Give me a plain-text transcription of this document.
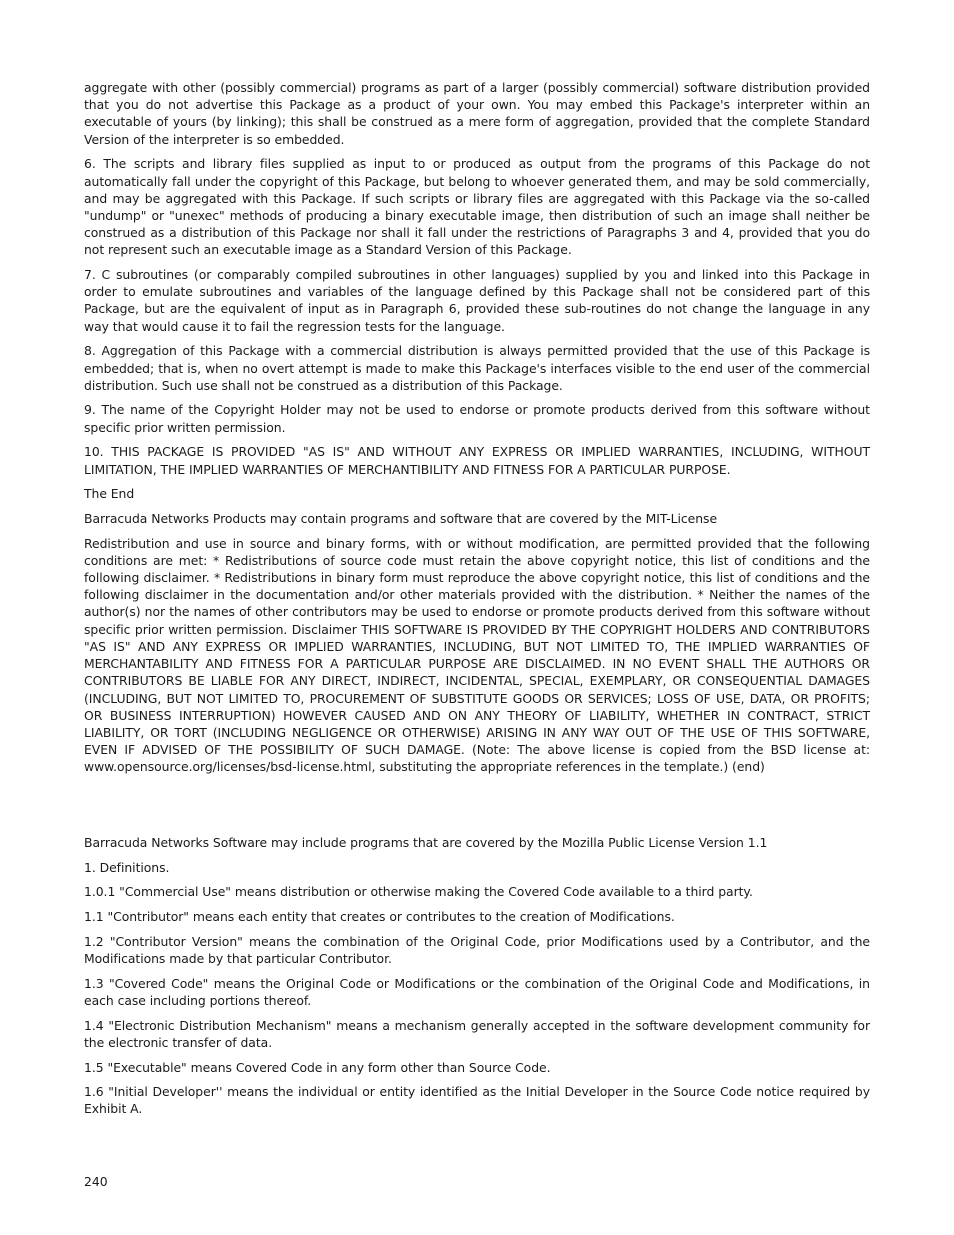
aggregate with other (possibly commercial) programs as part of a larger (possibly commercial) software distribution provided that you do not advertise this Package as a product of your own. You may embed this Package's interpreter within an executable of yours (by linking); this shall be construed as a mere form of aggregation, provided that the complete Standard Version of the interpreter is so embedded.

6. The scripts and library files supplied as input to or produced as output from the programs of this Package do not automatically fall under the copyright of this Package, but belong to whoever generated them, and may be sold commercially, and may be aggregated with this Package. If such scripts or library files are aggregated with this Package via the so-called "undump" or "unexec" methods of producing a binary executable image, then distribution of such an image shall neither be construed as a distribution of this Package nor shall it fall under the restrictions of Paragraphs 3 and 4, provided that you do not represent such an executable image as a Standard Version of this Package.

7. C subroutines (or comparably compiled subroutines in other languages) supplied by you and linked into this Package in order to emulate subroutines and variables of the language defined by this Package shall not be considered part of this Package, but are the equivalent of input as in Paragraph 6, provided these sub-routines do not change the language in any way that would cause it to fail the regression tests for the language.

8. Aggregation of this Package with a commercial distribution is always permitted provided that the use of this Package is embedded; that is, when no overt attempt is made to make this Package's interfaces visible to the end user of the commercial distribution. Such use shall not be construed as a distribution of this Package.

9. The name of the Copyright Holder may not be used to endorse or promote products derived from this software without specific prior written permission.

10. THIS PACKAGE IS PROVIDED "AS IS" AND WITHOUT ANY EXPRESS OR IMPLIED WARRANTIES, INCLUDING, WITHOUT LIMITATION, THE IMPLIED WARRANTIES OF MERCHANTIBILITY AND FITNESS FOR A PARTICULAR PURPOSE.

The End

Barracuda Networks Products may contain programs and software that are covered by the MIT-License

Redistribution and use in source and binary forms, with or without modification, are permitted provided that the following conditions are met: * Redistributions of source code must retain the above copyright notice, this list of conditions and the following disclaimer. * Redistributions in binary form must reproduce the above copyright notice, this list of conditions and the following disclaimer in the documentation and/or other materials provided with the distribution. * Neither the names of the author(s) nor the names of other contributors may be used to endorse or promote products derived from this software without specific prior written permission. Disclaimer THIS SOFTWARE IS PROVIDED BY THE COPYRIGHT HOLDERS AND CONTRIBUTORS "AS IS" AND ANY EXPRESS OR IMPLIED WARRANTIES, INCLUDING, BUT NOT LIMITED TO, THE IMPLIED WARRANTIES OF MERCHANTABILITY AND FITNESS FOR A PARTICULAR PURPOSE ARE DISCLAIMED. IN NO EVENT SHALL THE AUTHORS OR CONTRIBUTORS BE LIABLE FOR ANY DIRECT, INDIRECT, INCIDENTAL, SPECIAL, EXEMPLARY, OR CONSEQUENTIAL DAMAGES (INCLUDING, BUT NOT LIMITED TO, PROCUREMENT OF SUBSTITUTE GOODS OR SERVICES; LOSS OF USE, DATA, OR PROFITS; OR BUSINESS INTERRUPTION) HOWEVER CAUSED AND ON ANY THEORY OF LIABILITY, WHETHER IN CONTRACT, STRICT LIABILITY, OR TORT (INCLUDING NEGLIGENCE OR OTHERWISE) ARISING IN ANY WAY OUT OF THE USE OF THIS SOFTWARE, EVEN IF ADVISED OF THE POSSIBILITY OF SUCH DAMAGE. (Note: The above license is copied from the BSD license at: www.opensource.org/licenses/bsd-license.html, substituting the appropriate references in the template.) (end)

Barracuda Networks Software may include programs that are covered by the Mozilla Public License Version 1.1

1. Definitions.

1.0.1 "Commercial Use" means distribution or otherwise making the Covered Code available to a third party.

1.1 "Contributor" means each entity that creates or contributes to the creation of Modifications.

1.2 "Contributor Version" means the combination of the Original Code, prior Modifications used by a Contributor, and the Modifications made by that particular Contributor.

1.3 "Covered Code" means the Original Code or Modifications or the combination of the Original Code and Modifications, in each case including portions thereof.

1.4 "Electronic Distribution Mechanism" means a mechanism generally accepted in the software development community for the electronic transfer of data.

1.5 "Executable" means Covered Code in any form other than Source Code.

1.6 "Initial Developer'' means the individual or entity identified as the Initial Developer in the Source Code notice required by Exhibit A.

240
